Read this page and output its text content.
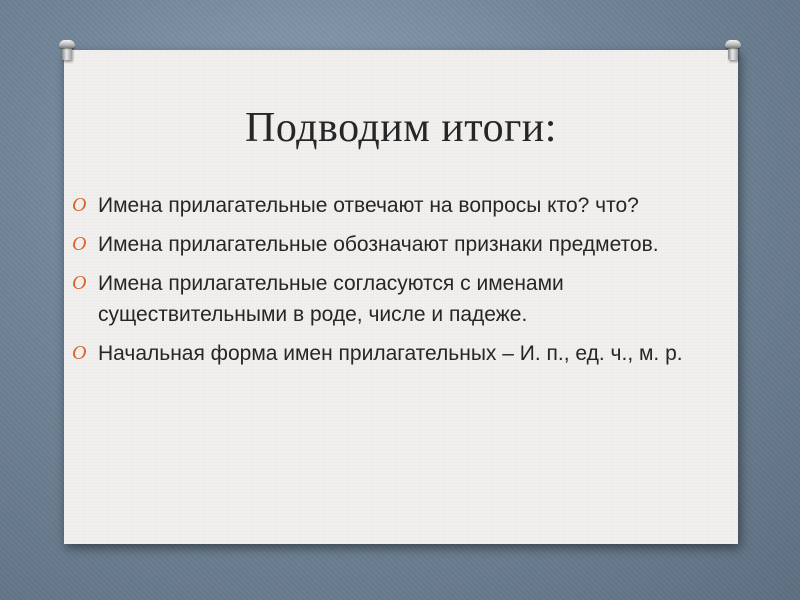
Подводим итоги:
O Имена прилагательные отвечают на вопросы кто? что?
O Имена прилагательные обозначают признаки предметов.
O Имена прилагательные согласуются с именами существительными в роде, числе и падеже.
O Начальная форма имен прилагательных – И. п., ед. ч., м. р.
